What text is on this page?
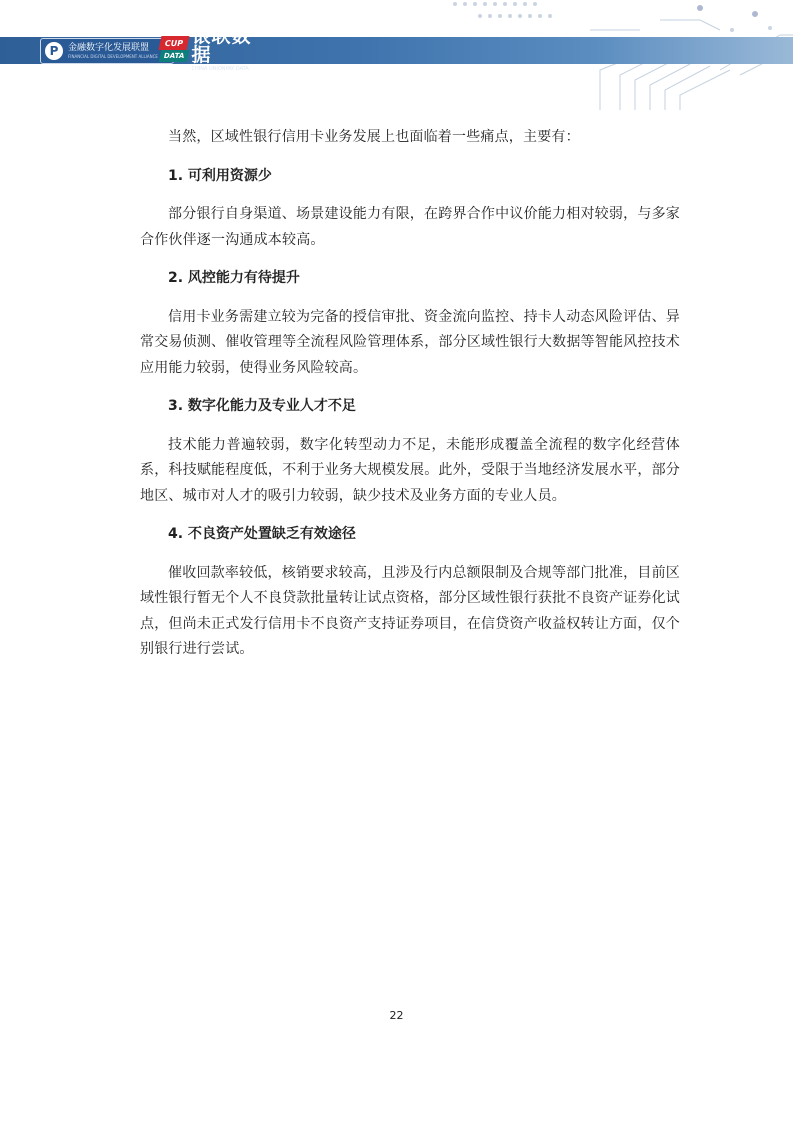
P	金融数字化发展联盟
FINANCIAL DIGITAL DEVELOPMENT ALLIANCE
CUP
DATA
银联数据
CHINA UNIONPAY DATA

当然，区域性银行信用卡业务发展上也面临着一些痛点，主要有：

1. 可利用资源少

部分银行自身渠道、场景建设能力有限，在跨界合作中议价能力相对较弱，与多家合作伙伴逐一沟通成本较高。

2. 风控能力有待提升

信用卡业务需建立较为完备的授信审批、资金流向监控、持卡人动态风险评估、异常交易侦测、催收管理等全流程风险管理体系，部分区域性银行大数据等智能风控技术应用能力较弱，使得业务风险较高。

3. 数字化能力及专业人才不足

技术能力普遍较弱，数字化转型动力不足，未能形成覆盖全流程的数字化经营体系，科技赋能程度低，不利于业务大规模发展。此外，受限于当地经济发展水平，部分地区、城市对人才的吸引力较弱，缺少技术及业务方面的专业人员。

4. 不良资产处置缺乏有效途径

催收回款率较低，核销要求较高，且涉及行内总额限制及合规等部门批准，目前区域性银行暂无个人不良贷款批量转让试点资格，部分区域性银行获批不良资产证券化试点，但尚未正式发行信用卡不良资产支持证券项目，在信贷资产收益权转让方面，仅个别银行进行尝试。

22
